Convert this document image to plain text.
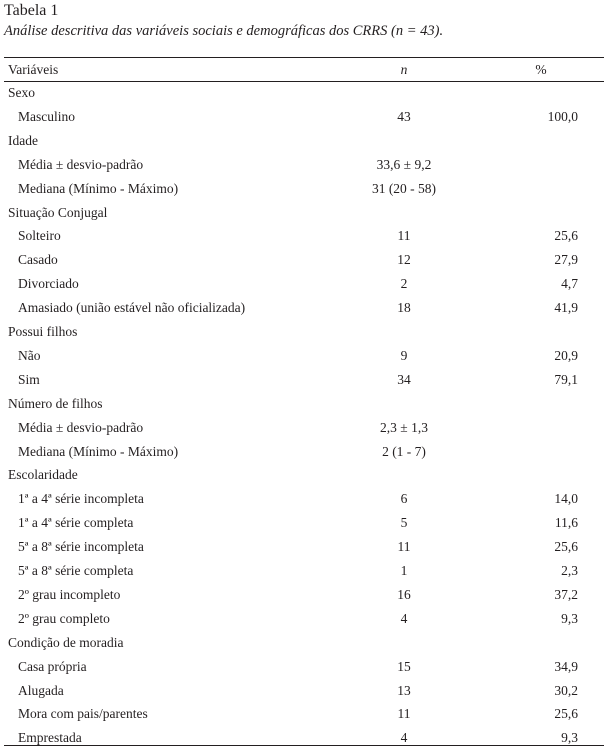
Tabela 1
Análise descritiva das variáveis sociais e demográficas dos CRRS (n = 43).
Variáveis	n	%
Sexo
Masculino	43	100,0
Idade
Média ± desvio-padrão	33,6 ± 9,2
Mediana (Mínimo - Máximo)	31 (20 - 58)
Situação Conjugal
Solteiro	11	25,6
Casado	12	27,9
Divorciado	2	4,7
Amasiado (união estável não oficializada)	18	41,9
Possui filhos
Não	9	20,9
Sim	34	79,1
Número de filhos
Média ± desvio-padrão	2,3 ± 1,3
Mediana (Mínimo - Máximo)	2 (1 - 7)
Escolaridade
1ª a 4ª série incompleta	6	14,0
1ª a 4ª série completa	5	11,6
5ª a 8ª série incompleta	11	25,6
5ª a 8ª série completa	1	2,3
2º grau incompleto	16	37,2
2º grau completo	4	9,3
Condição de moradia
Casa própria	15	34,9
Alugada	13	30,2
Mora com pais/parentes	11	25,6
Emprestada	4	9,3
